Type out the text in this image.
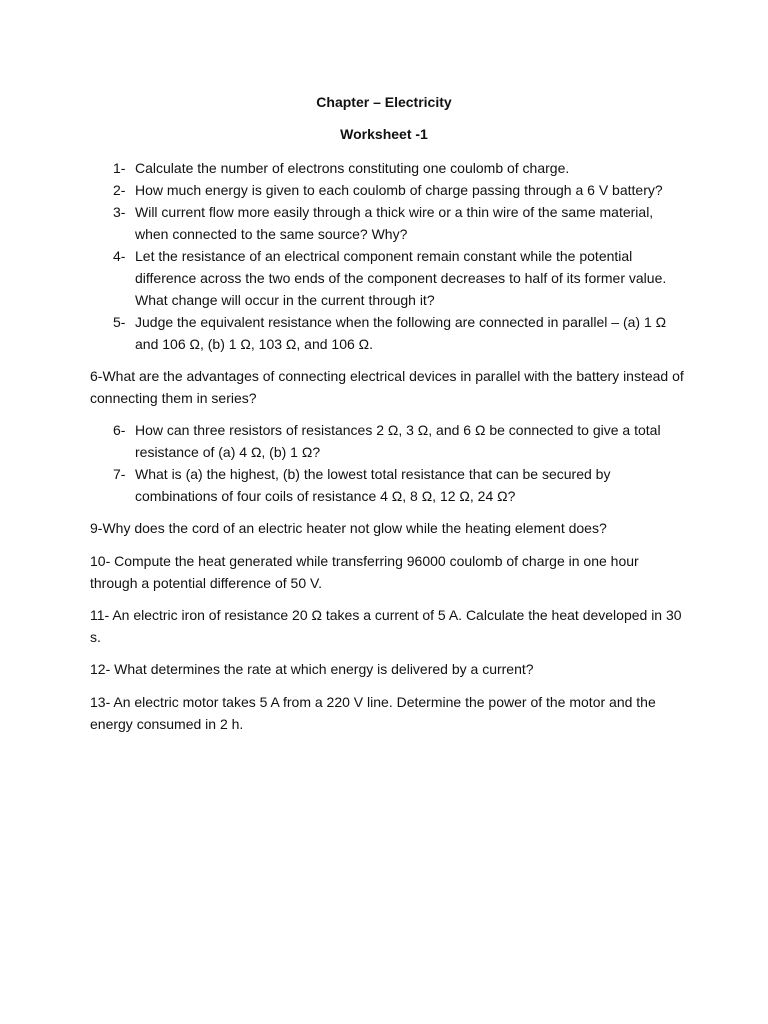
Chapter – Electricity
Worksheet -1
1- Calculate the number of electrons constituting one coulomb of charge.
2- How much energy is given to each coulomb of charge passing through a 6 V battery?
3- Will current flow more easily through a thick wire or a thin wire of the same material, when connected to the same source? Why?
4- Let the resistance of an electrical component remain constant while the potential difference across the two ends of the component decreases to half of its former value. What change will occur in the current through it?
5- Judge the equivalent resistance when the following are connected in parallel – (a) 1 Ω and 106 Ω, (b) 1 Ω, 103 Ω, and 106 Ω.

6-What are the advantages of connecting electrical devices in parallel with the battery instead of connecting them in series?

6- How can three resistors of resistances 2 Ω, 3 Ω, and 6 Ω be connected to give a total resistance of (a) 4 Ω, (b) 1 Ω?
7- What is (a) the highest, (b) the lowest total resistance that can be secured by combinations of four coils of resistance 4 Ω, 8 Ω, 12 Ω, 24 Ω?

9-Why does the cord of an electric heater not glow while the heating element does?

10- Compute the heat generated while transferring 96000 coulomb of charge in one hour through a potential difference of 50 V.

11- An electric iron of resistance 20 Ω takes a current of 5 A. Calculate the heat developed in 30 s.

12- What determines the rate at which energy is delivered by a current?

13- An electric motor takes 5 A from a 220 V line. Determine the power of the motor and the energy consumed in 2 h.
